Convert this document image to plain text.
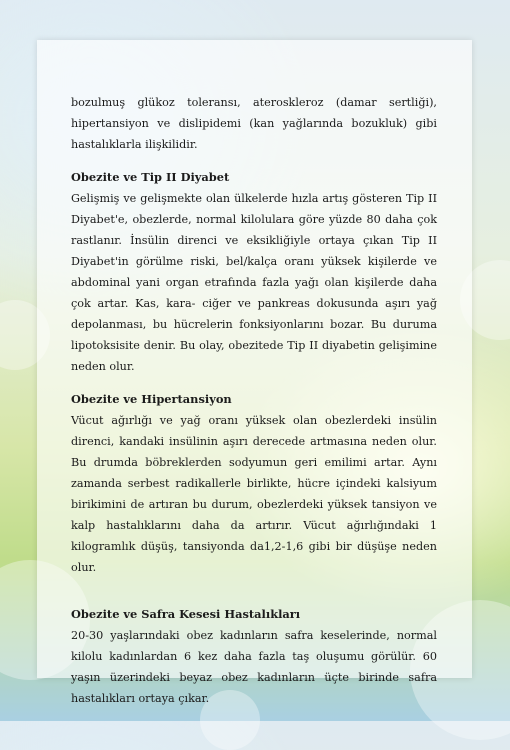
bozulmuş glükoz toleransı, ateroskleroz (damar sertliği), hipertansiyon ve dislipidemi (kan yağlarında bozukluk) gibi hastalıklarla ilişkilidir.

Obezite ve Tip II Diyabet

Gelişmiş ve gelişmekte olan ülkelerde hızla artış gösteren Tip II Diyabet'e, obezlerde, normal kilolulara göre yüzde 80 daha çok rastlanır. İnsülin direnci ve eksikliğiyle ortaya çıkan Tip II Diyabet'in görülme riski, bel/kalça oranı yüksek kişilerde ve abdominal yani organ etrafında fazla yağı olan kişilerde daha çok artar. Kas, kara- ciğer ve pankreas dokusunda aşırı yağ depolanması, bu hücrelerin fonksiyonlarını bozar. Bu duruma lipotoksisite denir. Bu olay, obezitede Tip II diyabetin gelişimine neden olur.

Obezite ve Hipertansiyon

Vücut ağırlığı ve yağ oranı yüksek olan obezlerdeki insülin direnci, kandaki insülinin aşırı derecede artmasına neden olur. Bu drumda böbreklerden sodyumun geri emilimi artar. Aynı zamanda serbest radikallerle birlikte, hücre içindeki kalsiyum birikimini de artıran bu durum, obezlerdeki yüksek tansiyon ve kalp hastalıklarını daha da artırır. Vücut ağırlığındaki 1 kilogramlık düşüş, tansiyonda da1,2-1,6 gibi bir düşüşe neden olur.

Obezite ve Safra Kesesi Hastalıkları

20-30 yaşlarındaki obez kadınların safra keselerinde, normal kilolu kadınlardan 6 kez daha fazla taş oluşumu görülür. 60 yaşın üzerindeki beyaz obez kadınların üçte birinde safra hastalıkları ortaya çıkar.
